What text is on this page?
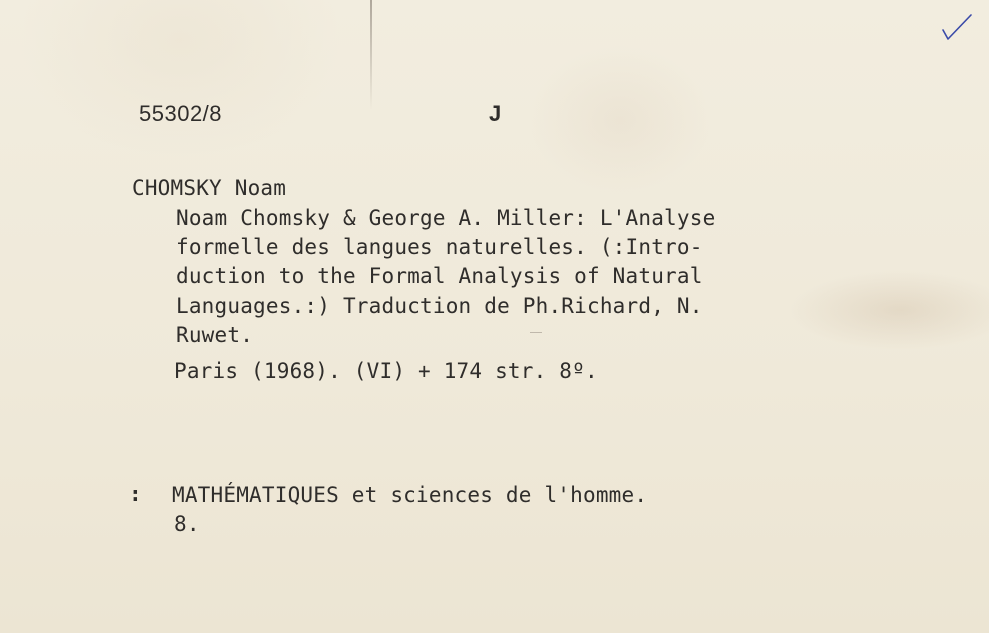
55302/8	J
CHOMSKY Noam
Noam Chomsky & George A. Miller: L'Analyse
formelle des langues naturelles. (:Intro-
duction to the Formal Analysis of Natural
Languages.:) Traduction de Ph.Richard, N.
Ruwet.
Paris (1968). (VI) + 174 str. 8º.
: MATHÉMATIQUES et sciences de l'homme.
8.
